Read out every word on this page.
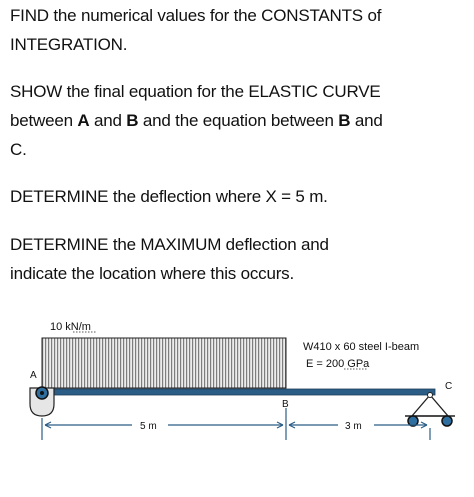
FIND the numerical values for the CONSTANTS of
INTEGRATION.
SHOW the final equation for the ELASTIC CURVE
between A and B and the equation between B and
C.
DETERMINE the deflection where X = 5 m.
DETERMINE the MAXIMUM deflection and
indicate the location where this occurs.
10 kN/m
W410 x 60 steel I-beam
E = 200 GPa
A
B
C
5 m	3 m
